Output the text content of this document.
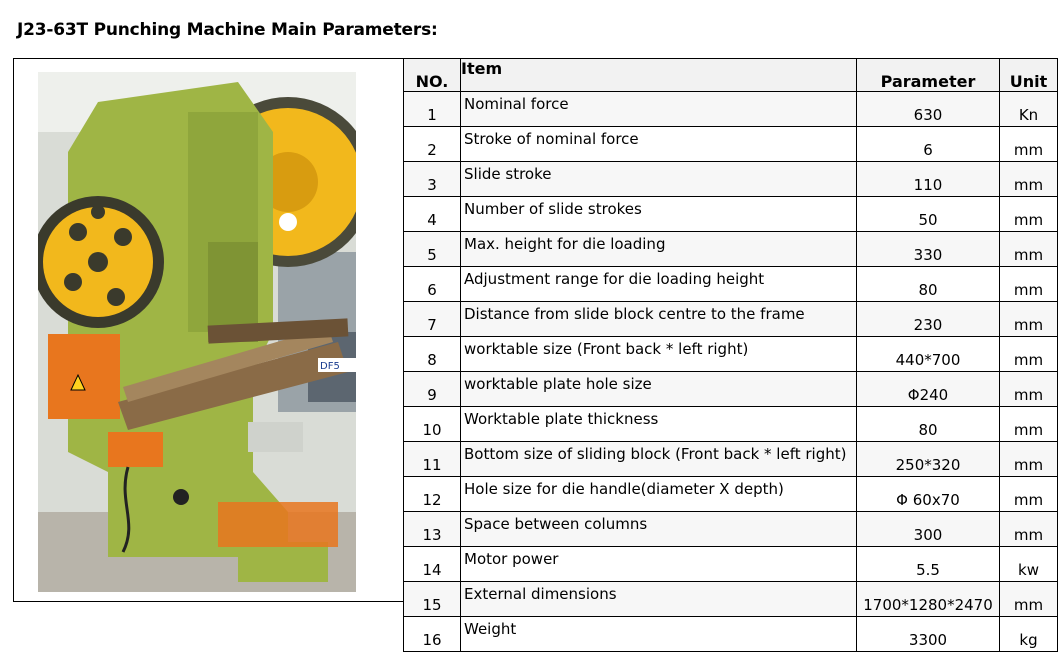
J23-63T Punching Machine Main Parameters:
DF5
NO.	Item	Parameter	Unit
1	Nominal force	630	Kn
2	Stroke of nominal force	6	mm
3	Slide stroke	110	mm
4	Number of slide strokes	50	mm
5	Max. height for die loading	330	mm
6	Adjustment range for die loading height	80	mm
7	Distance from slide block centre to the frame	230	mm
8	worktable size (Front back * left right)	440*700	mm
9	worktable plate hole size	Φ240	mm
10	Worktable plate thickness	80	mm
11	Bottom size of sliding block (Front back * left right)	250*320	mm
12	Hole size for die handle(diameter X depth)	Φ 60x70	mm
13	Space between columns	300	mm
14	Motor power	5.5	kw
15	External dimensions	1700*1280*2470	mm
16	Weight	3300	kg
